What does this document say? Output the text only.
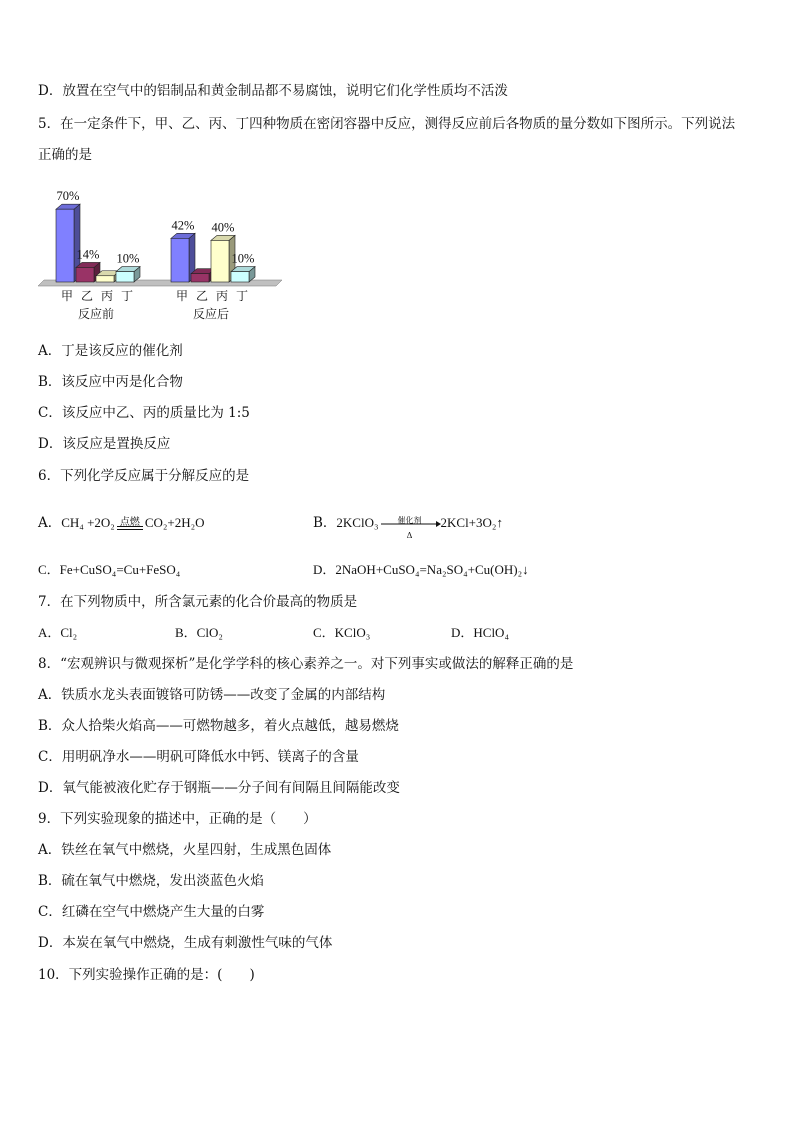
D．放置在空气中的铝制品和黄金制品都不易腐蚀，说明它们化学性质均不活泼
5．在一定条件下，甲、乙、丙、丁四种物质在密闭容器中反应，测得反应前后各物质的量分数如下图所示。下列说法
正确的是
70%
甲
14%
乙 丙
10%
丁
反应前
42%
甲 乙
40%
丙
10%
丁
反应后
A．丁是该反应的催化剂
B．该反应中丙是化合物
C．该反应中乙、丙的质量比为 1:5
D．该反应是置换反应
6．下列化学反应属于分解反应的是
A．CH₄ +2O₂ 点燃 CO₂+2H₂O	B．2KClO₃	催化剂
Δ
2KCl+3O₂↑
C．Fe+CuSO₄=Cu+FeSO₄	D．2NaOH+CuSO₄=Na₂SO₄+Cu(OH)₂↓
7．在下列物质中，所含氯元素的化合价最高的物质是
A．Cl₂	B．ClO₂	C．KClO₃	D．HClO₄
8．“宏观辨识与微观探析”是化学学科的核心素养之一。对下列事实或做法的解释正确的是
A．铁质水龙头表面镀铬可防锈——改变了金属的内部结构
B．众人拾柴火焰高——可燃物越多，着火点越低，越易燃烧
C．用明矾净水——明矾可降低水中钙、镁离子的含量
D．氧气能被液化贮存于钢瓶——分子间有间隔且间隔能改变
9．下列实验现象的描述中，正确的是（　　）
A．铁丝在氧气中燃烧，火星四射，生成黑色固体
B．硫在氧气中燃烧，发出淡蓝色火焰
C．红磷在空气中燃烧产生大量的白雾
D．本炭在氧气中燃烧，生成有刺激性气味的气体
10．下列实验操作正确的是：(　　)
